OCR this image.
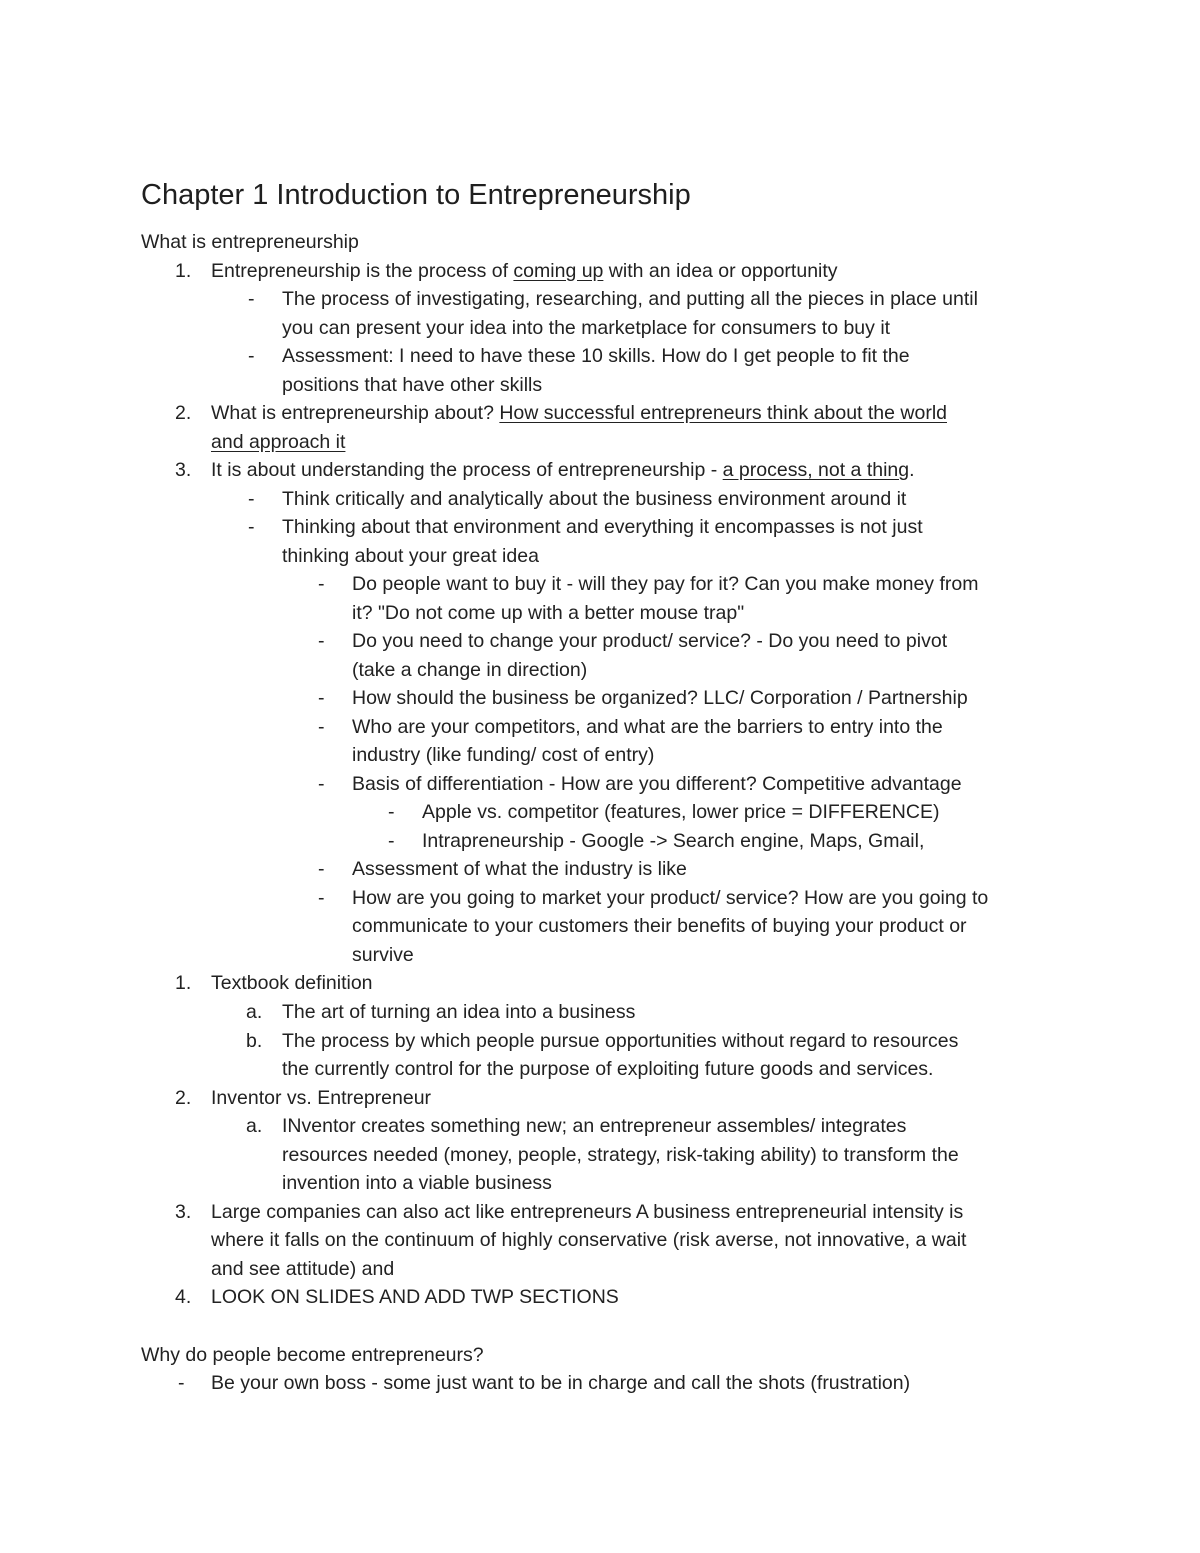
Chapter 1 Introduction to Entrepreneurship
What is entrepreneurship
1. Entrepreneurship is the process of coming up with an idea or opportunity
- The process of investigating, researching, and putting all the pieces in place until
you can present your idea into the marketplace for consumers to buy it
- Assessment: I need to have these 10 skills. How do I get people to fit the
positions that have other skills
2. What is entrepreneurship about? How successful entrepreneurs think about the world
and approach it
3. It is about understanding the process of entrepreneurship - a process, not a thing.
- Think critically and analytically about the business environment around it
- Thinking about that environment and everything it encompasses is not just
thinking about your great idea
- Do people want to buy it - will they pay for it? Can you make money from
it? "Do not come up with a better mouse trap"
- Do you need to change your product/ service? - Do you need to pivot
(take a change in direction)
- How should the business be organized? LLC/ Corporation / Partnership
- Who are your competitors, and what are the barriers to entry into the
industry (like funding/ cost of entry)
- Basis of differentiation - How are you different? Competitive advantage
- Apple vs. competitor (features, lower price = DIFFERENCE)
- Intrapreneurship - Google -> Search engine, Maps, Gmail,
- Assessment of what the industry is like
- How are you going to market your product/ service? How are you going to
communicate to your customers their benefits of buying your product or
survive
1. Textbook definition
a. The art of turning an idea into a business
b. The process by which people pursue opportunities without regard to resources
the currently control for the purpose of exploiting future goods and services.
2. Inventor vs. Entrepreneur
a. INventor creates something new; an entrepreneur assembles/ integrates
resources needed (money, people, strategy, risk-taking ability) to transform the
invention into a viable business
3. Large companies can also act like entrepreneurs A business entrepreneurial intensity is
where it falls on the continuum of highly conservative (risk averse, not innovative, a wait
and see attitude) and
4. LOOK ON SLIDES AND ADD TWP SECTIONS
Why do people become entrepreneurs?
- Be your own boss - some just want to be in charge and call the shots (frustration)
